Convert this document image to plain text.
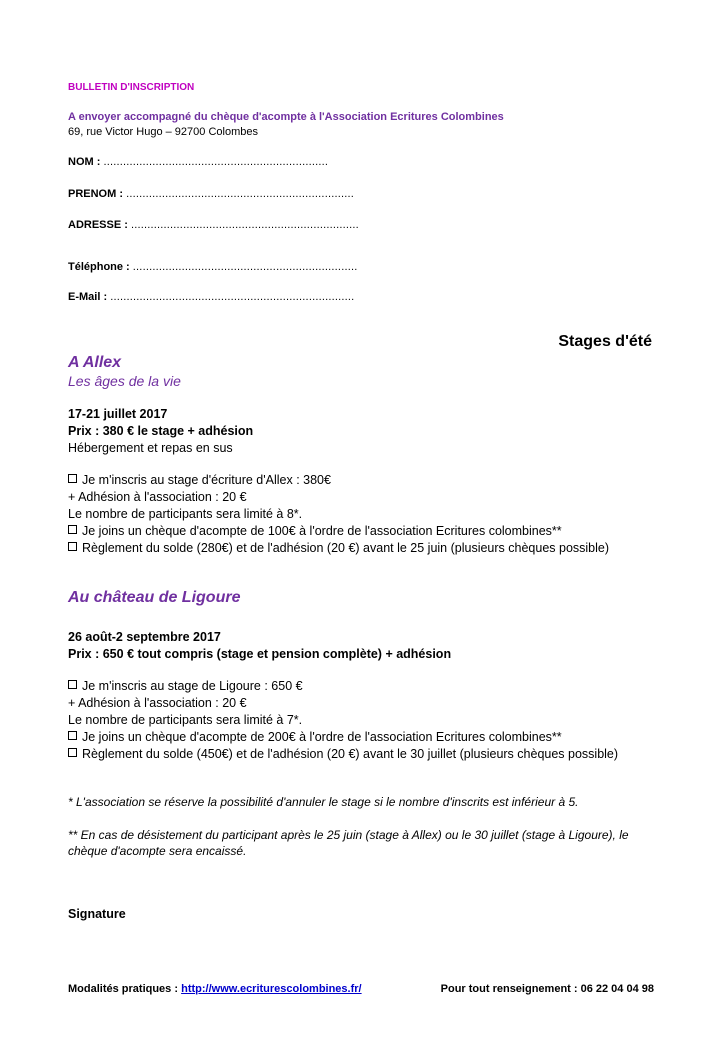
BULLETIN D'INSCRIPTION
A envoyer accompagné du chèque d'acompte à l'Association Ecritures Colombines
69, rue Victor Hugo – 92700 Colombes
NOM : .....................................................................
PRENOM : ......................................................................
ADRESSE : ......................................................................
Téléphone : .....................................................................
E-Mail : ...........................................................................
Stages d'été
A Allex
Les âges de la vie
17-21 juillet 2017
Prix : 380 € le stage + adhésion
Hébergement et repas en sus
Je m'inscris au stage d'écriture d'Allex : 380€
+ Adhésion à l'association : 20 €
Le nombre de participants sera limité à 8*.
Je joins un chèque d'acompte de 100€ à l'ordre de l'association Ecritures colombines**
Règlement du solde (280€) et de l'adhésion (20 €) avant le 25 juin (plusieurs chèques possible)
Au château de Ligoure
26 août-2 septembre 2017
Prix : 650 € tout compris (stage et pension complète) + adhésion
Je m'inscris au stage de Ligoure : 650 €
+ Adhésion à l'association : 20 €
Le nombre de participants sera limité à 7*.
Je joins un chèque d'acompte de 200€ à l'ordre de l'association Ecritures colombines**
Règlement du solde (450€) et de l'adhésion (20 €) avant le 30 juillet (plusieurs chèques possible)
* L'association se réserve la possibilité d'annuler le stage si le nombre d'inscrits est inférieur à 5.
** En cas de désistement du participant après le 25 juin (stage à Allex) ou le 30 juillet (stage à Ligoure), le chèque d'acompte sera encaissé.
Signature
Modalités pratiques : http://www.ecriturescolombines.fr/	Pour tout renseignement : 06 22 04 04 98
